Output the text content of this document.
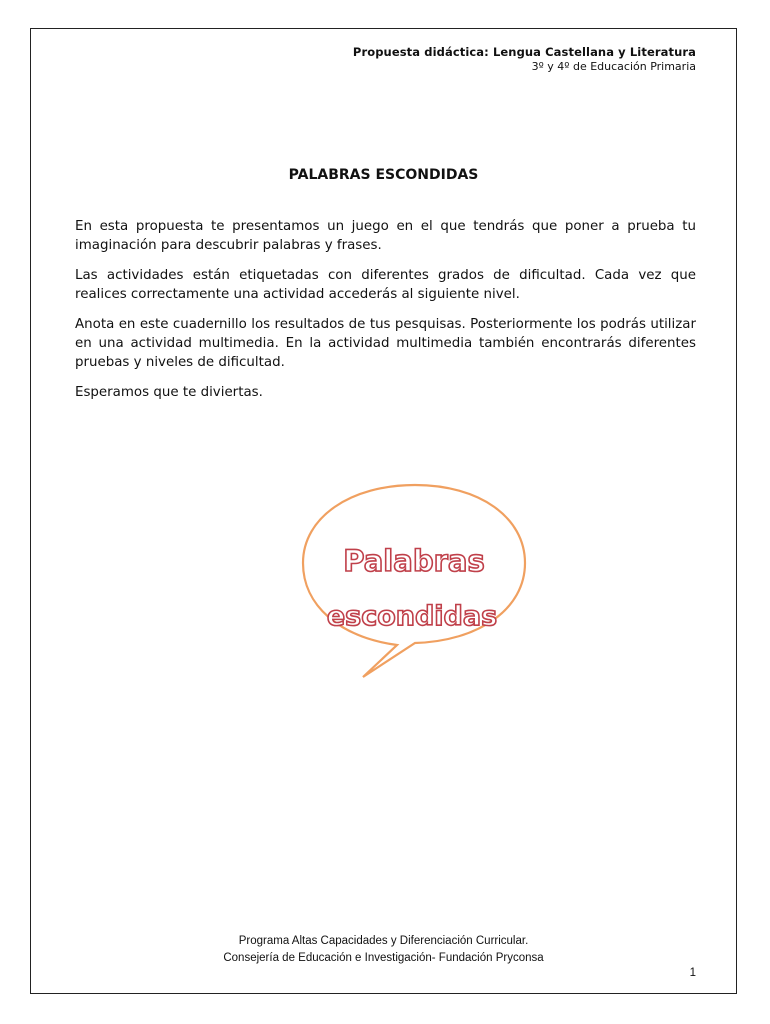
Propuesta didáctica: Lengua Castellana y Literatura
3º y 4º de Educación Primaria
PALABRAS ESCONDIDAS

En esta propuesta te presentamos un juego en el que tendrás que poner a prueba tu imaginación para descubrir palabras y frases.

Las actividades están etiquetadas con diferentes grados de dificultad. Cada vez que realices correctamente una actividad accederás al siguiente nivel.

Anota en este cuadernillo los resultados de tus pesquisas. Posteriormente los podrás utilizar en una actividad multimedia. En la actividad multimedia también encontrarás diferentes pruebas y niveles de dificultad.

Esperamos que te diviertas.

Palabras
escondidas
Programa Altas Capacidades y Diferenciación Curricular.
Consejería de Educación e Investigación- Fundación Pryconsa
1
